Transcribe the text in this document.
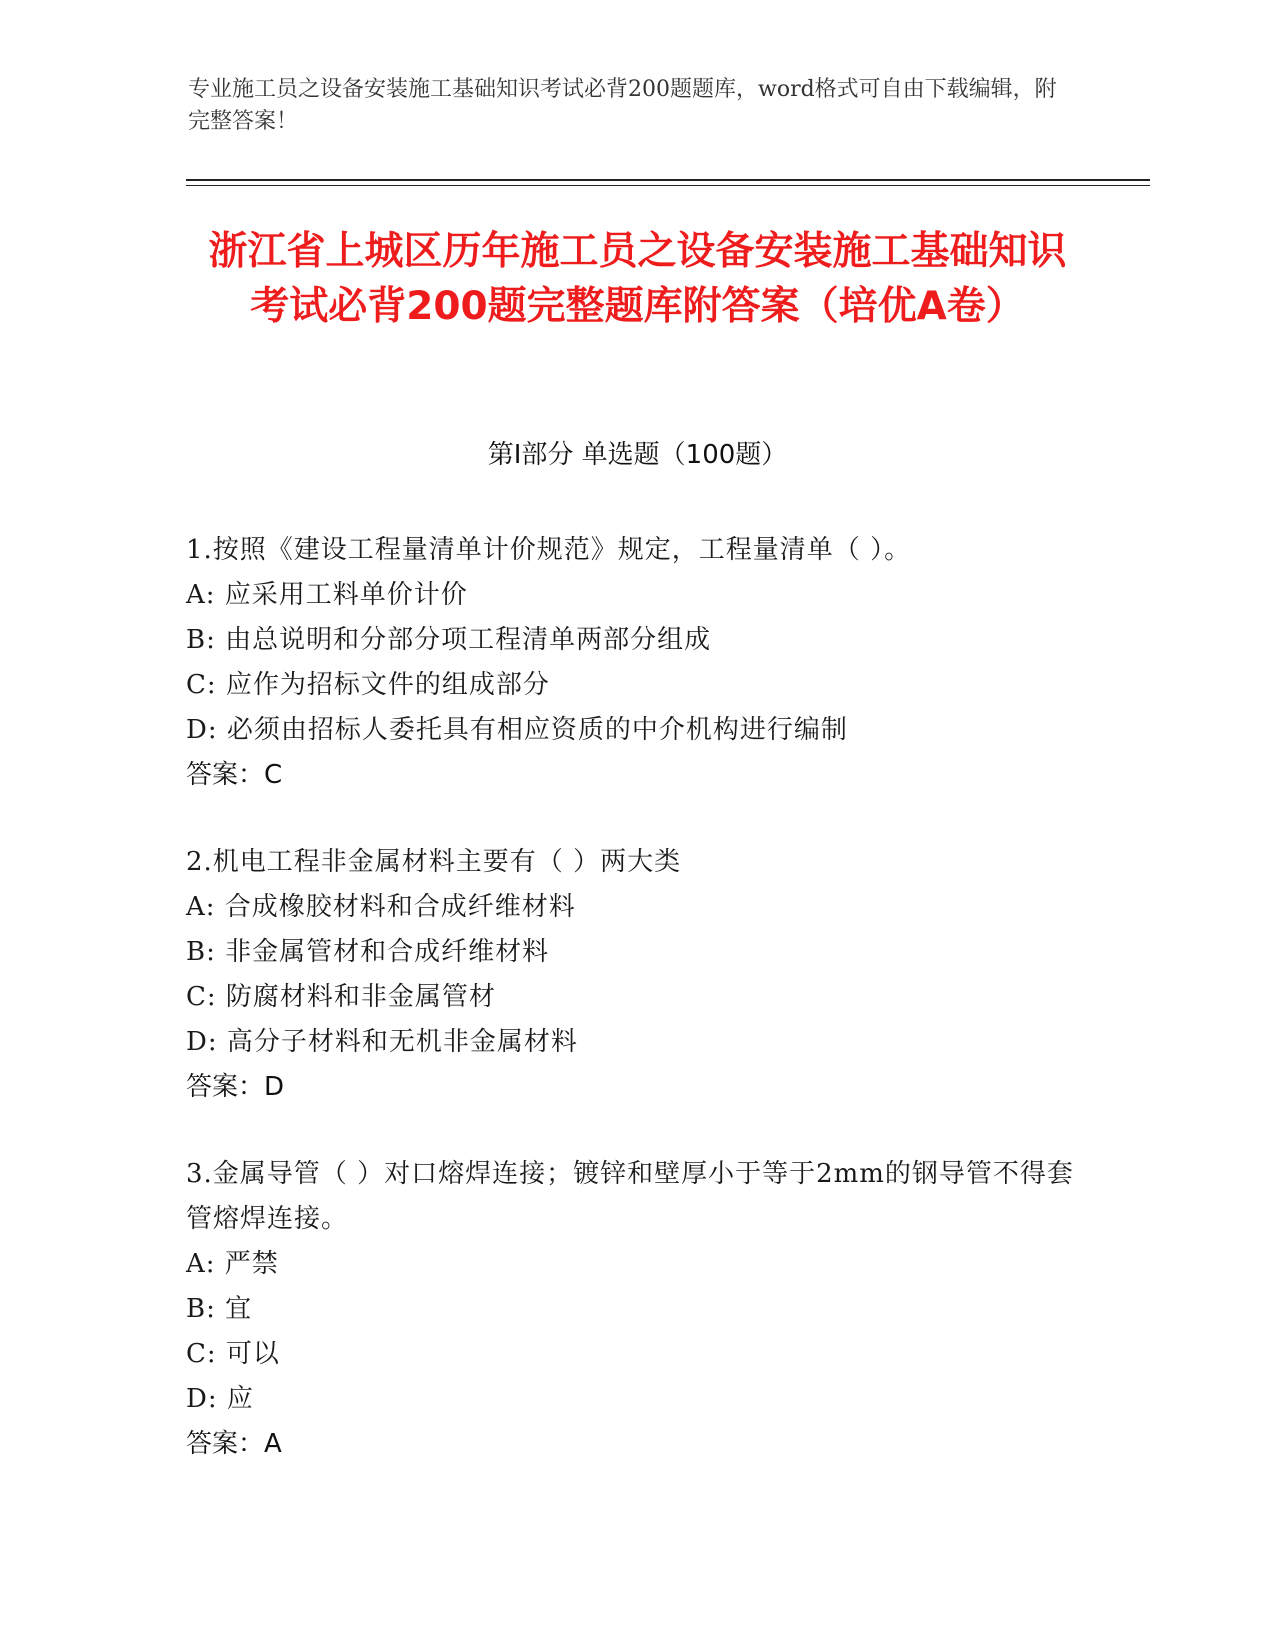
专业施工员之设备安装施工基础知识考试必背200题题库，word格式可自由下载编辑，附完整答案！
浙江省上城区历年施工员之设备安装施工基础知识考试必背200题完整题库附答案（培优A卷）
第Ⅰ部分 单选题（100题）
1.按照《建设工程量清单计价规范》规定，工程量清单（ ）。
A: 应采用工料单价计价
B: 由总说明和分部分项工程清单两部分组成
C: 应作为招标文件的组成部分
D: 必须由招标人委托具有相应资质的中介机构进行编制
答案：C
2.机电工程非金属材料主要有（ ）两大类
A: 合成橡胶材料和合成纤维材料
B: 非金属管材和合成纤维材料
C: 防腐材料和非金属管材
D: 高分子材料和无机非金属材料
答案：D
3.金属导管（ ）对口熔焊连接；镀锌和壁厚小于等于2mm的钢导管不得套管熔焊连接。
A: 严禁
B: 宜
C: 可以
D: 应
答案：A
